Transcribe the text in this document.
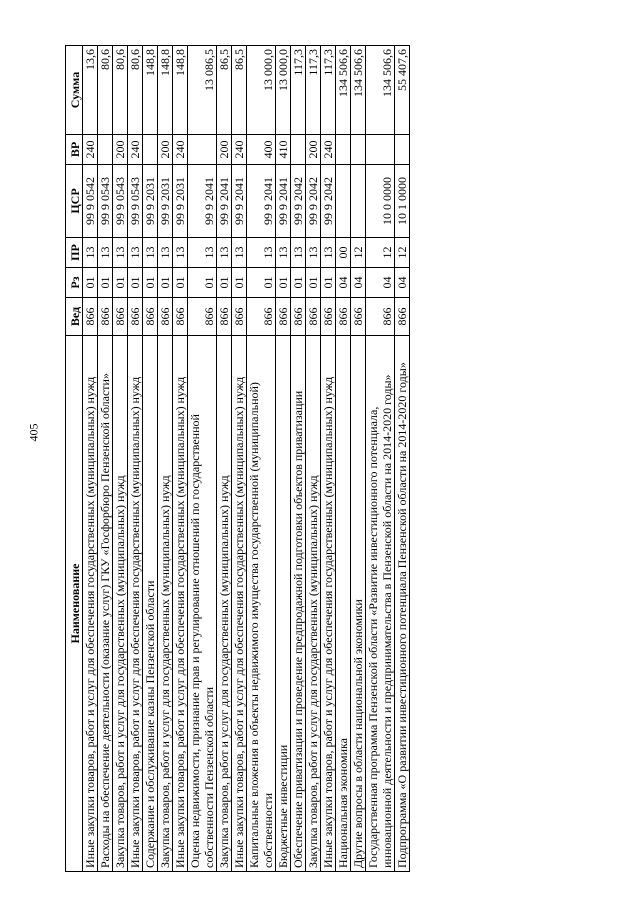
405
Наименование	Вед	Рз	ПР	ЦСР	ВР	Сумма
Иные закупки товаров, работ и услуг для обеспечения государственных (муниципальных) нужд	866	01	13	99 9 0542	240	13,6
Расходы на обеспечение деятельности (оказание услуг) ГКУ «Госфорбюро Пензенской области»	866	01	13	99 9 0543		80,6
Закупка товаров, работ и услуг для государственных (муниципальных) нужд	866	01	13	99 9 0543	200	80,6
Иные закупки товаров, работ и услуг для обеспечения государственных (муниципальных) нужд	866	01	13	99 9 0543	240	80,6
Содержание и обслуживание казны Пензенской области	866	01	13	99 9 2031		148,8
Закупка товаров, работ и услуг для государственных (муниципальных) нужд	866	01	13	99 9 2031	200	148,8
Иные закупки товаров, работ и услуг для обеспечения государственных (муниципальных) нужд	866	01	13	99 9 2031	240	148,8
Оценка недвижимости, признание прав и регулирование отношений по государственной собственности Пензенской области	866	01	13	99 9 2041		13 086,5
Закупка товаров, работ и услуг для государственных (муниципальных) нужд	866	01	13	99 9 2041	200	86,5
Иные закупки товаров, работ и услуг для обеспечения государственных (муниципальных) нужд	866	01	13	99 9 2041	240	86,5
Капитальные вложения в объекты недвижимого имущества государственной (муниципальной) собственности	866	01	13	99 9 2041	400	13 000,0
Бюджетные инвестиции	866	01	13	99 9 2041	410	13 000,0
Обеспечение приватизации и проведение предпродажной подготовки объектов приватизации	866	01	13	99 9 2042		117,3
Закупка товаров, работ и услуг для государственных (муниципальных) нужд	866	01	13	99 9 2042	200	117,3
Иные закупки товаров, работ и услуг для обеспечения государственных (муниципальных) нужд	866	01	13	99 9 2042	240	117,3
Национальная экономика	866	04	00			134 506,6
Другие вопросы в области национальной экономики	866	04	12			134 506,6
Государственная программа Пензенской области «Развитие инвестиционного потенциала, инновационной деятельности и предпринимательства в Пензенской области на 2014-2020 годы»	866	04	12	10 0 0000		134 506,6
Подпрограмма «О развитии инвестиционного потенциала Пензенской области на 2014-2020 годы»	866	04	12	10 1 0000		55 407,6
